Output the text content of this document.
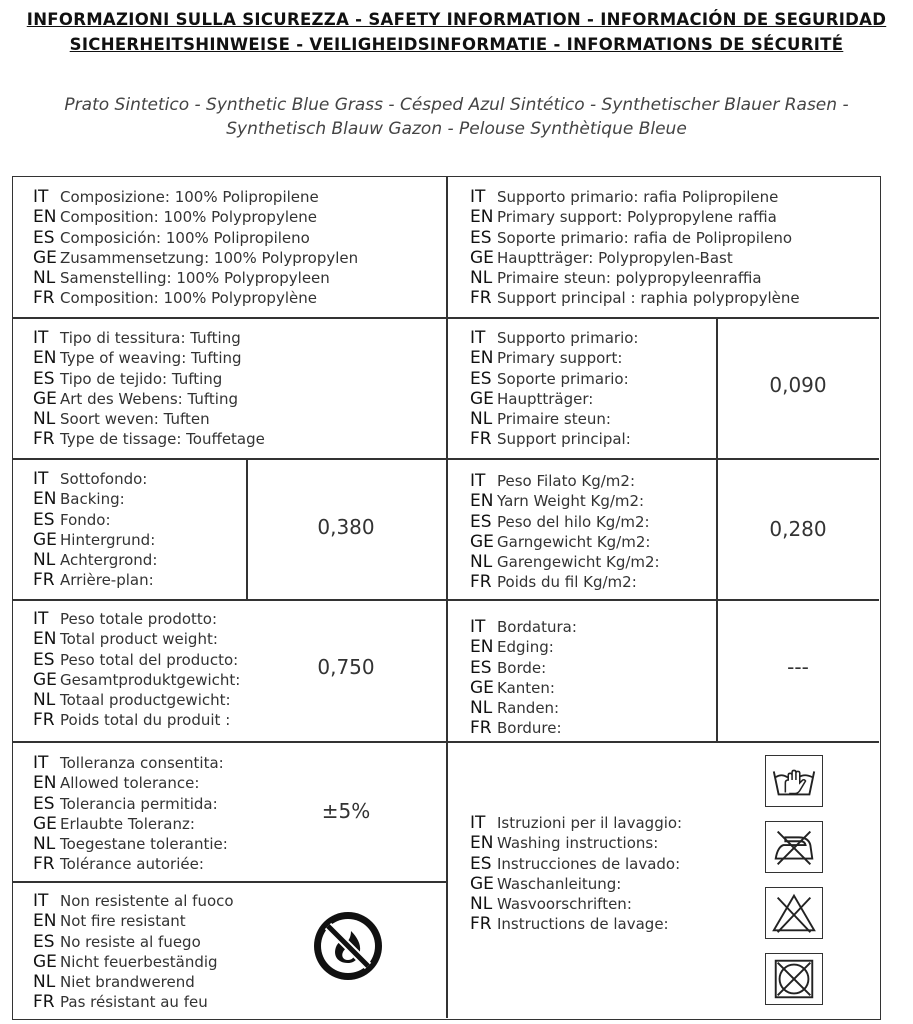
INFORMAZIONI SULLA SICUREZZA - SAFETY INFORMATION - INFORMACIÓN DE SEGURIDAD
SICHERHEITSHINWEISE - VEILIGHEIDSINFORMATIE - INFORMATIONS DE SÉCURITÉ
Prato Sintetico - Synthetic Blue Grass - Césped Azul Sintético - Synthetischer Blauer Rasen -
Synthetisch Blauw Gazon - Pelouse Synthètique Bleue
IT Composizione: 100% Polipropilene
EN Composition: 100% Polypropylene
ES Composición: 100% Polipropileno
GE Zusammensetzung: 100% Polypropylen
NL Samenstelling: 100% Polypropyleen
FR Composition: 100% Polypropylène
IT Supporto primario: rafia Polipropilene
EN Primary support: Polypropylene raffia
ES Soporte primario: rafia de Polipropileno
GE Hauptträger: Polypropylen-Bast
NL Primaire steun: polypropyleenraffia
FR Support principal : raphia polypropylène
IT Tipo di tessitura: Tufting
EN Type of weaving: Tufting
ES Tipo de tejido: Tufting
GE Art des Webens: Tufting
NL Soort weven: Tuften
FR Type de tissage: Touffetage
IT Supporto primario:
EN Primary support:
ES Soporte primario:
GE Hauptträger:
NL Primaire steun:
FR Support principal:
0,090
IT Sottofondo:
EN Backing:
ES Fondo:
GE Hintergrund:
NL Achtergrond:
FR Arrière-plan:
0,380
IT Peso Filato Kg/m2:
EN Yarn Weight Kg/m2:
ES Peso del hilo Kg/m2:
GE Garngewicht Kg/m2:
NL Garengewicht Kg/m2:
FR Poids du fil Kg/m2:
0,280
IT Peso totale prodotto:
EN Total product weight:
ES Peso total del producto:
GE Gesamtproduktgewicht:
NL Totaal productgewicht:
FR Poids total du produit :
0,750
IT Bordatura:
EN Edging:
ES Borde:
GE Kanten:
NL Randen:
FR Bordure:
---
IT Tolleranza consentita:
EN Allowed tolerance:
ES Tolerancia permitida:
GE Erlaubte Toleranz:
NL Toegestane tolerantie:
FR Tolérance autoriée:
±5%	IT Istruzioni per il lavaggio:
EN Washing instructions:
ES Instrucciones de lavado:
GE Waschanleitung:
NL Wasvoorschriften:
FR Instructions de lavage:
IT Non resistente al fuoco
EN Not fire resistant
ES No resiste al fuego
GE Nicht feuerbeständig
NL Niet brandwerend
FR Pas résistant au feu
